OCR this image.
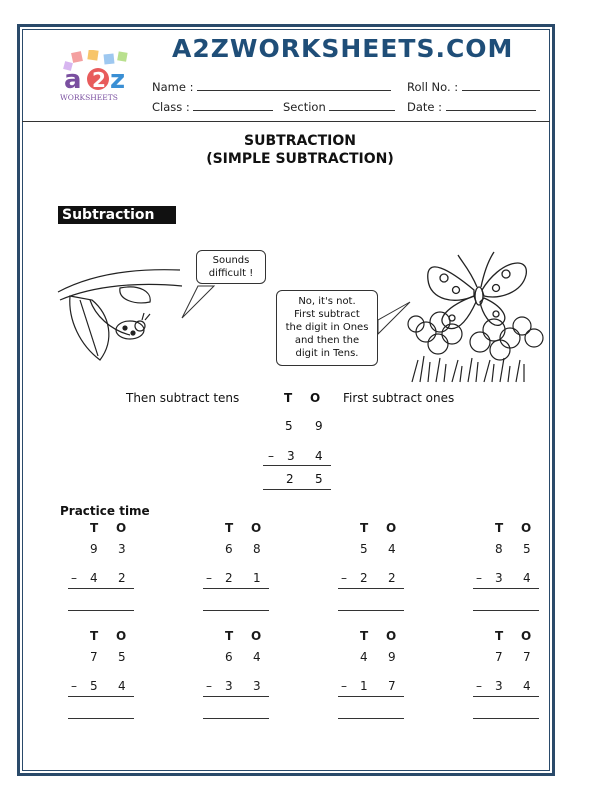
A2ZWORKSHEETS.COM
a 2 z
WORKSHEETS
Name :	Roll No. :
Class :	Section	Date :
SUBTRACTION
(SIMPLE SUBTRACTION)
Subtraction
Sounds
difficult !
No, it's not.
First subtract
the digit in Ones
and then the
digit in Tens.
Then subtract tens	First subtract ones
T O
5 9
– 3 4
2 5
Practice time
T O
9 3
– 4 2
T O
6 8
– 2 1
T O
5 4
– 2 2
T O
8 5
– 3 4
T O
7 5
– 5 4
T O
6 4
– 3 3
T O
4 9
– 1 7
T O
7 7
– 3 4
